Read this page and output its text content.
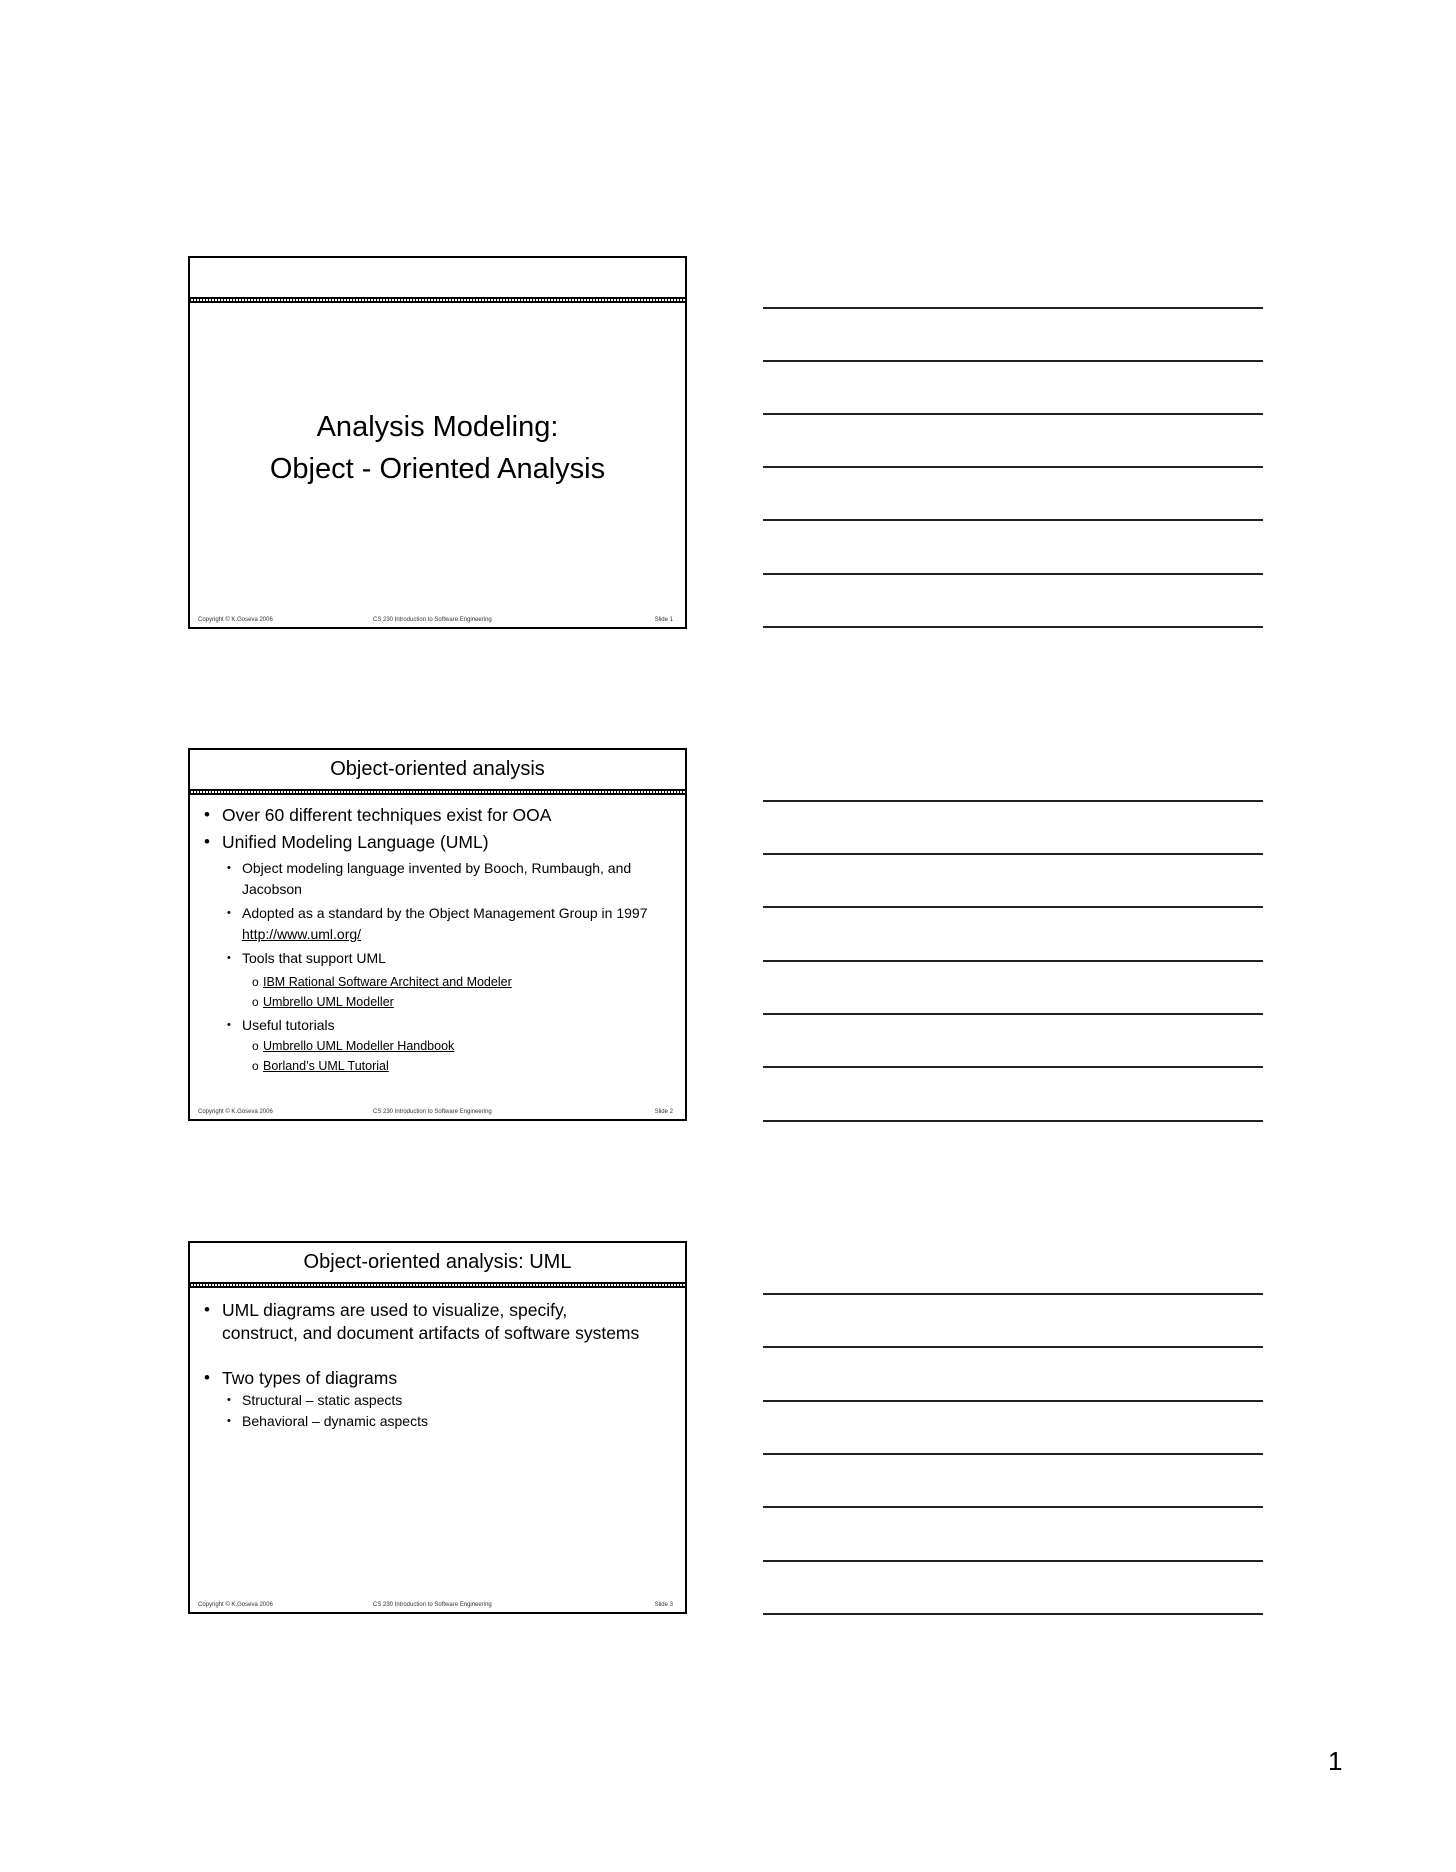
Analysis Modeling:
Object - Oriented Analysis
Copyright © K.Goseva 2006	CS 230 Introduction to Software Engineering	Slide 1
Object-oriented analysis
• Over 60 different techniques exist for OOA
• Unified Modeling Language (UML)
• Object modeling language invented by Booch, Rumbaugh, and Jacobson
• Adopted as a standard by the Object Management Group in 1997 http://www.uml.org/
• Tools that support UML
o IBM Rational Software Architect and Modeler
o Umbrello UML Modeller
• Useful tutorials
o Umbrello UML Modeller Handbook
o Borland’s UML Tutorial
Copyright © K.Goseva 2006	CS 230 Introduction to Software Engineering	Slide 2
Object-oriented analysis: UML
• UML diagrams are used to visualize, specify, construct, and document artifacts of software systems
• Two types of diagrams
• Structural – static aspects
• Behavioral – dynamic aspects
Copyright © K.Goseva 2006	CS 230 Introduction to Software Engineering	Slide 3
1
